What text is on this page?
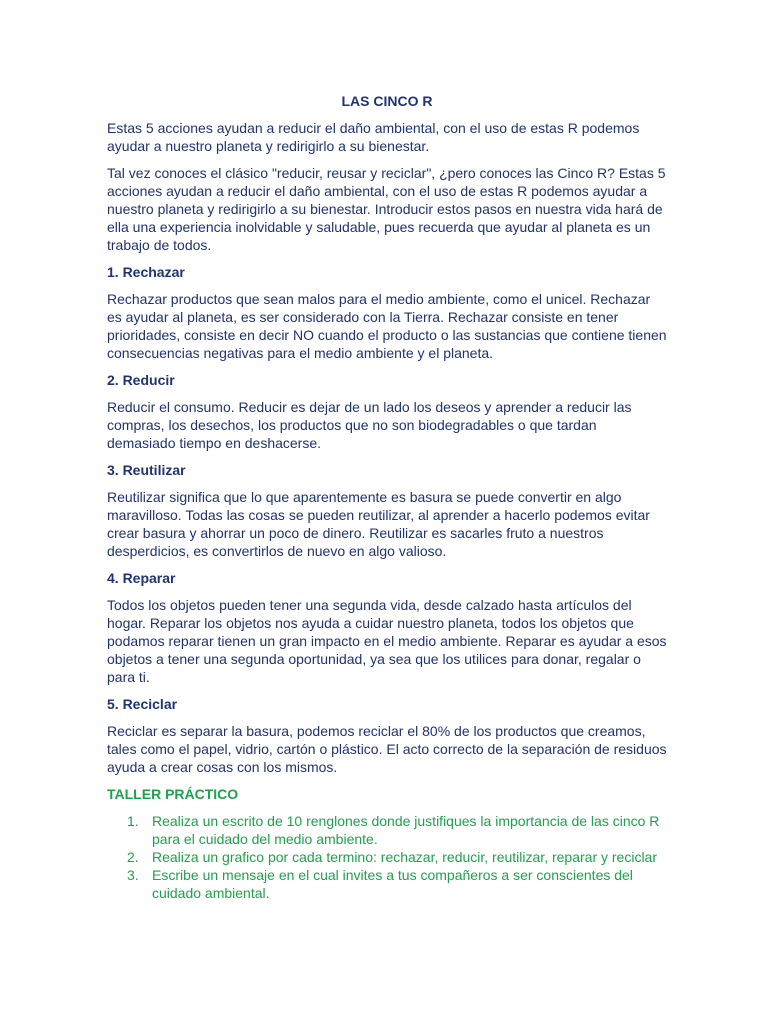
LAS CINCO R

Estas 5 acciones ayudan a reducir el daño ambiental, con el uso de estas R podemos ayudar a nuestro planeta y redirigirlo a su bienestar.

Tal vez conoces el clásico "reducir, reusar y reciclar", ¿pero conoces las Cinco R? Estas 5 acciones ayudan a reducir el daño ambiental, con el uso de estas R podemos ayudar a nuestro planeta y redirigirlo a su bienestar. Introducir estos pasos en nuestra vida hará de ella una experiencia inolvidable y saludable, pues recuerda que ayudar al planeta es un trabajo de todos.

1. Rechazar

Rechazar productos que sean malos para el medio ambiente, como el unicel. Rechazar es ayudar al planeta, es ser considerado con la Tierra. Rechazar consiste en tener prioridades, consiste en decir NO cuando el producto o las sustancias que contiene tienen consecuencias negativas para el medio ambiente y el planeta.

2. Reducir

Reducir el consumo. Reducir es dejar de un lado los deseos y aprender a reducir las compras, los desechos, los productos que no son biodegradables o que tardan demasiado tiempo en deshacerse.

3. Reutilizar

Reutilizar significa que lo que aparentemente es basura se puede convertir en algo maravilloso. Todas las cosas se pueden reutilizar, al aprender a hacerlo podemos evitar crear basura y ahorrar un poco de dinero. Reutilizar es sacarles fruto a nuestros desperdicios, es convertirlos de nuevo en algo valioso.

4. Reparar

Todos los objetos pueden tener una segunda vida, desde calzado hasta artículos del hogar. Reparar los objetos nos ayuda a cuidar nuestro planeta, todos los objetos que podamos reparar tienen un gran impacto en el medio ambiente. Reparar es ayudar a esos objetos a tener una segunda oportunidad, ya sea que los utilices para donar, regalar o para ti.

5. Reciclar

Reciclar es separar la basura, podemos reciclar el 80% de los productos que creamos, tales como el papel, vidrio, cartón o plástico. El acto correcto de la separación de residuos ayuda a crear cosas con los mismos.

TALLER PRÁCTICO
1. Realiza un escrito de 10 renglones donde justifiques la importancia de las cinco R para el cuidado del medio ambiente.
2. Realiza un grafico por cada termino: rechazar, reducir, reutilizar, reparar y reciclar
3. Escribe un mensaje en el cual invites a tus compañeros a ser conscientes del cuidado ambiental.
